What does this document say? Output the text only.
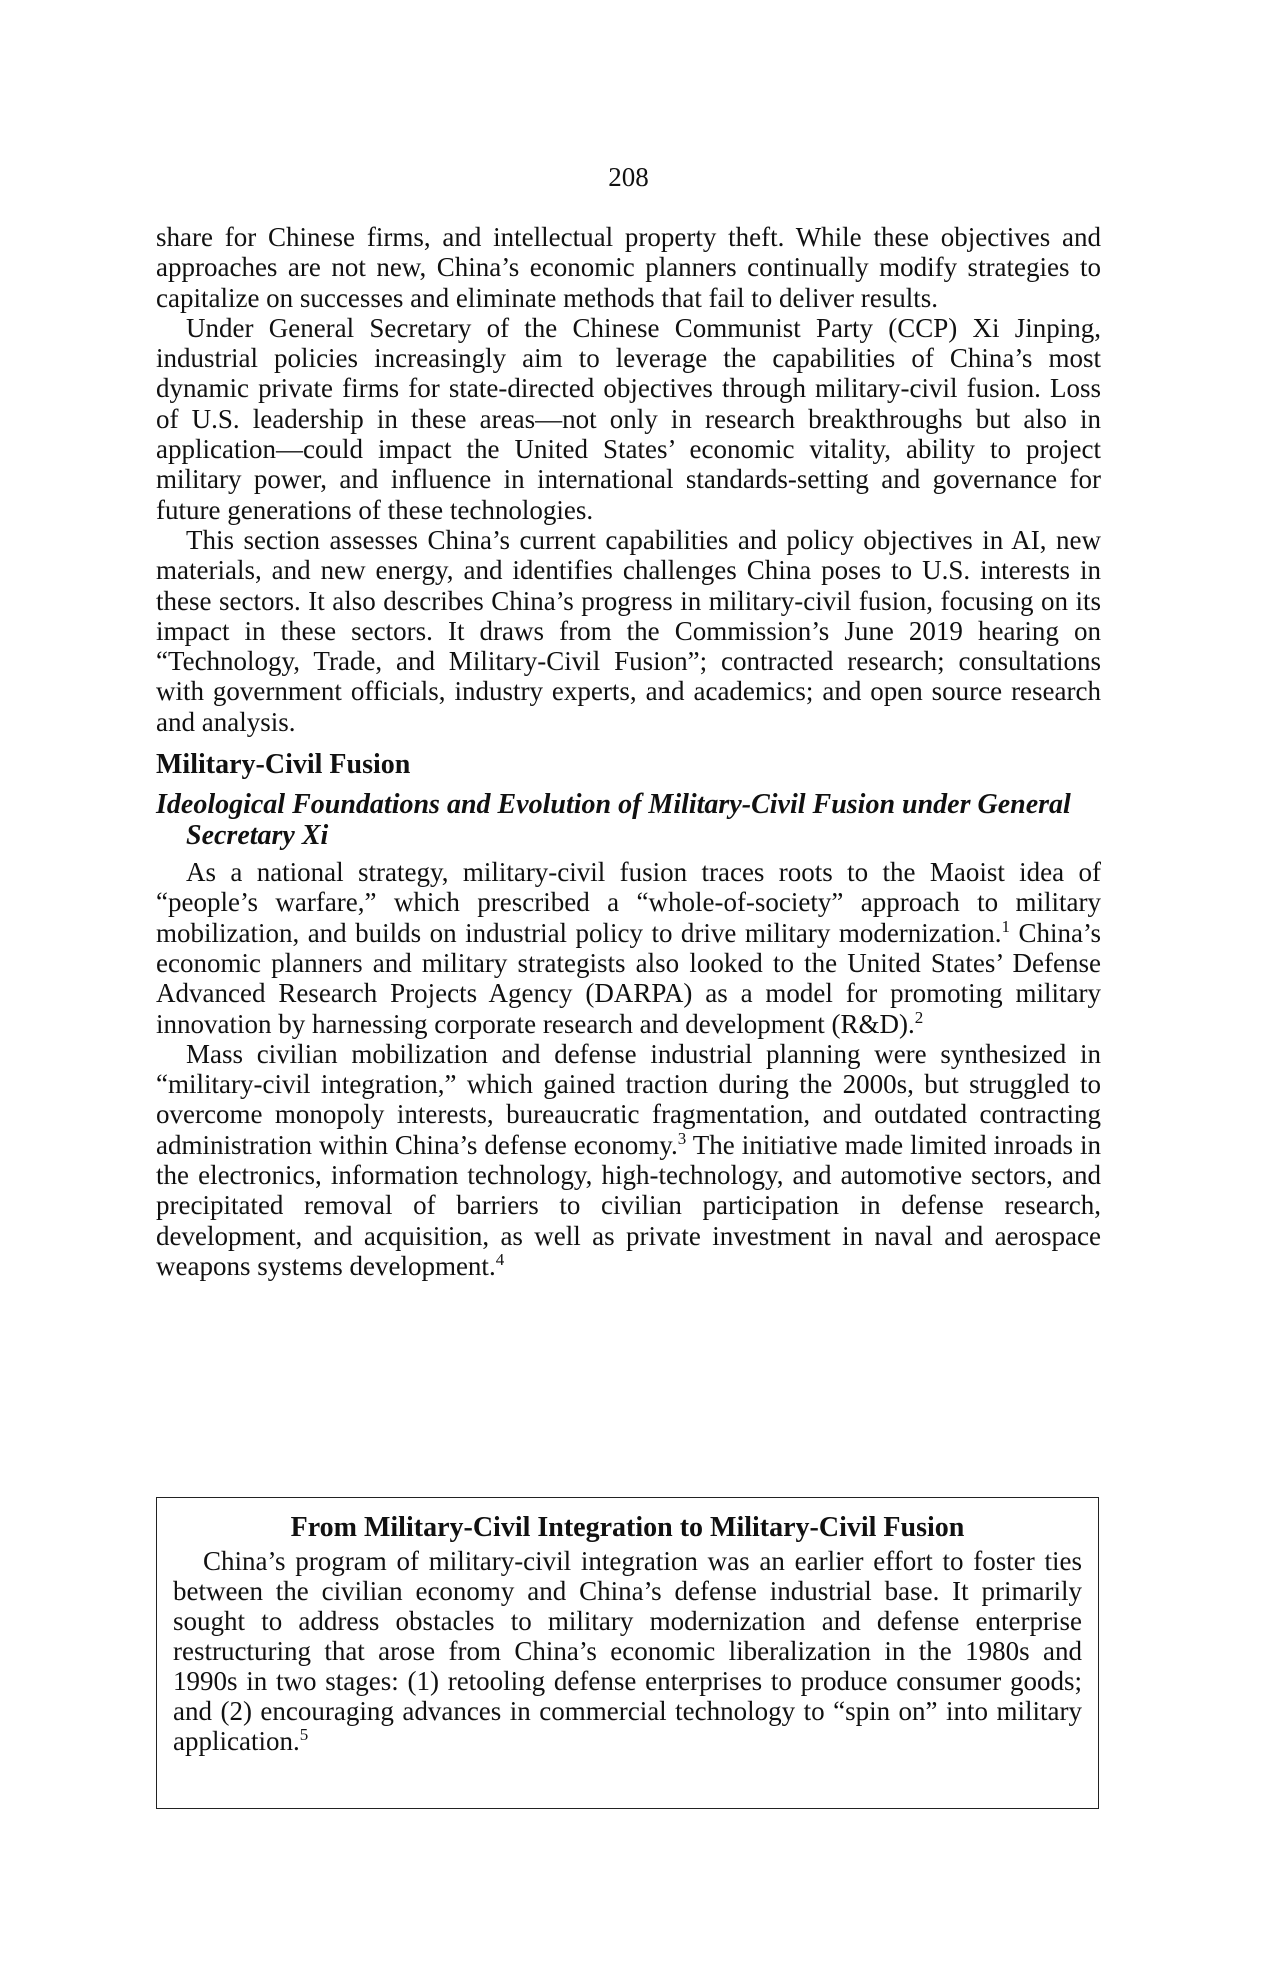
208

share for Chinese firms, and intellectual property theft. While these objectives and approaches are not new, China’s economic planners continually modify strategies to capitalize on successes and eliminate methods that fail to deliver results.

Under General Secretary of the Chinese Communist Party (CCP) Xi Jinping, industrial policies increasingly aim to leverage the capabilities of China’s most dynamic private firms for state-directed objectives through military-civil fusion. Loss of U.S. leadership in these areas—not only in research breakthroughs but also in application—could impact the United States’ economic vitality, ability to project military power, and influence in international standards-setting and governance for future generations of these technologies.

This section assesses China’s current capabilities and policy objectives in AI, new materials, and new energy, and identifies challenges China poses to U.S. interests in these sectors. It also describes China’s progress in military-civil fusion, focusing on its impact in these sectors. It draws from the Commission’s June 2019 hearing on “Technology, Trade, and Military-Civil Fusion”; contracted research; consultations with government officials, industry experts, and academics; and open source research and analysis.

Military-Civil Fusion
Ideological Foundations and Evolution of Military-Civil Fusion under General Secretary Xi

As a national strategy, military-civil fusion traces roots to the Maoist idea of “people’s warfare,” which prescribed a “whole-of-society” approach to military mobilization, and builds on industrial policy to drive military modernization.$^1$ China’s economic planners and military strategists also looked to the United States’ Defense Advanced Research Projects Agency (DARPA) as a model for promoting military innovation by harnessing corporate research and development (R&D).$^2$

Mass civilian mobilization and defense industrial planning were synthesized in “military-civil integration,” which gained traction during the 2000s, but struggled to overcome monopoly interests, bureaucratic fragmentation, and outdated contracting administration within China’s defense economy.$^3$ The initiative made limited inroads in the electronics, information technology, high-technology, and automotive sectors, and precipitated removal of barriers to civilian participation in defense research, development, and acquisition, as well as private investment in naval and aerospace weapons systems development.$^4$

From Military-Civil Integration to Military-Civil Fusion

China’s program of military-civil integration was an earlier effort to foster ties between the civilian economy and China’s defense industrial base. It primarily sought to address obstacles to military modernization and defense enterprise restructuring that arose from China’s economic liberalization in the 1980s and 1990s in two stages: (1) retooling defense enterprises to produce consumer goods; and (2) encouraging advances in commercial technology to “spin on” into military application.$^5$
